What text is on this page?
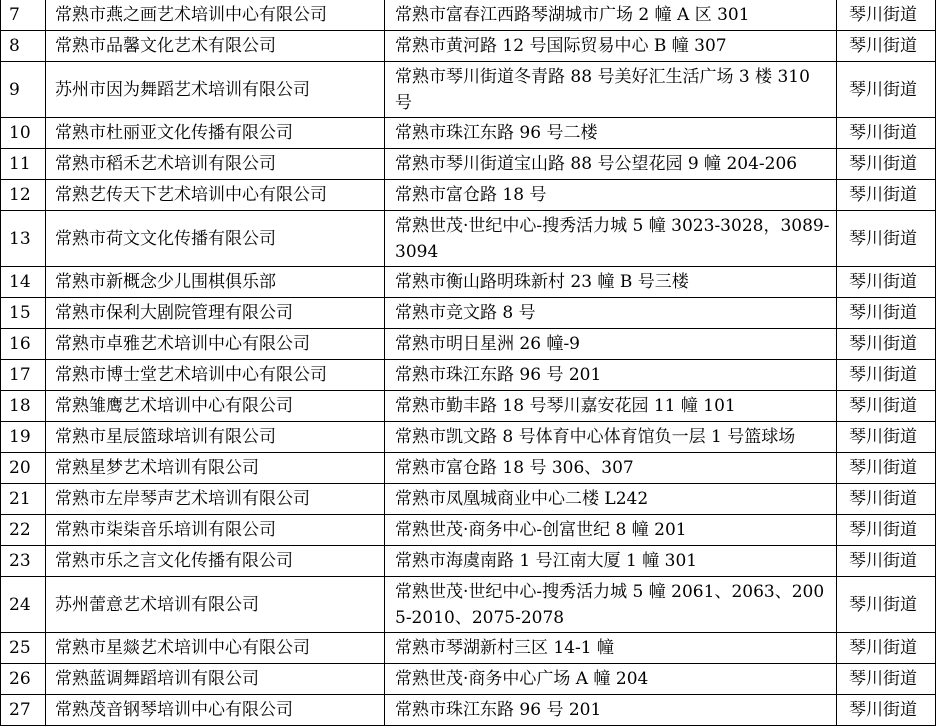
7	常熟市燕之画艺术培训中心有限公司	常熟市富春江西路琴湖城市广场 2 幢 A 区 301	琴川街道
8	常熟市品馨文化艺术有限公司	常熟市黄河路 12 号国际贸易中心 B 幢 307	琴川街道
9	苏州市因为舞蹈艺术培训有限公司	常熟市琴川街道冬青路 88 号美好汇生活广场 3 楼 310 号	琴川街道
10	常熟市杜丽亚文化传播有限公司	常熟市珠江东路 96 号二楼	琴川街道
11	常熟市稻禾艺术培训有限公司	常熟市琴川街道宝山路 88 号公望花园 9 幢 204-206	琴川街道
12	常熟艺传天下艺术培训中心有限公司	常熟市富仓路 18 号	琴川街道
13	常熟市荷文文化传播有限公司	常熟世茂·世纪中心-搜秀活力城 5 幢 3023-3028，3089-3094	琴川街道
14	常熟市新概念少儿围棋俱乐部	常熟市衡山路明珠新村 23 幢 B 号三楼	琴川街道
15	常熟市保利大剧院管理有限公司	常熟市竞文路 8 号	琴川街道
16	常熟市卓雅艺术培训中心有限公司	常熟市明日星洲 26 幢-9	琴川街道
17	常熟市博士堂艺术培训中心有限公司	常熟市珠江东路 96 号 201	琴川街道
18	常熟雏鹰艺术培训中心有限公司	常熟市勤丰路 18 号琴川嘉安花园 11 幢 101	琴川街道
19	常熟市星辰篮球培训有限公司	常熟市凯文路 8 号体育中心体育馆负一层 1 号篮球场	琴川街道
20	常熟星梦艺术培训有限公司	常熟市富仓路 18 号 306、307	琴川街道
21	常熟市左岸琴声艺术培训有限公司	常熟市凤凰城商业中心二楼 L242	琴川街道
22	常熟市柒柒音乐培训有限公司	常熟世茂·商务中心-创富世纪 8 幢 201	琴川街道
23	常熟市乐之言文化传播有限公司	常熟市海虞南路 1 号江南大厦 1 幢 301	琴川街道
24	苏州蕾意艺术培训有限公司	常熟世茂·世纪中心-搜秀活力城 5 幢 2061、2063、2005-2010、2075-2078	琴川街道
25	常熟市星燚艺术培训中心有限公司	常熟市琴湖新村三区 14-1 幢	琴川街道
26	常熟蓝调舞蹈培训有限公司	常熟世茂·商务中心广场 A 幢 204	琴川街道
27	常熟茂音钢琴培训中心有限公司	常熟市珠江东路 96 号 201	琴川街道
